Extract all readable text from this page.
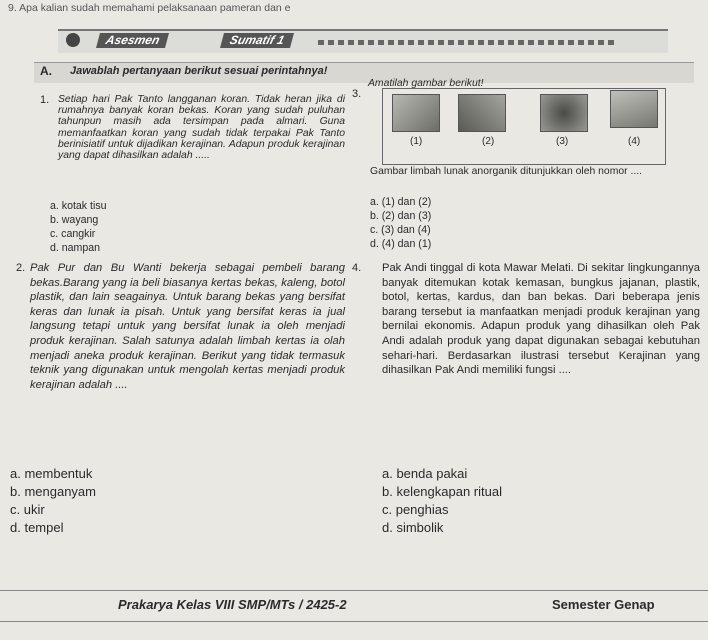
9. Apa kalian sudah memahami pelaksanaan pameran dan e
Asesmen	Sumatif 1
A. Jawablah pertanyaan berikut sesuai perintahnya!
1. Setiap hari Pak Tanto langganan koran. Tidak heran jika di rumahnya banyak koran bekas. Koran yang sudah puluhan tahunpun masih ada tersimpan pada almari. Guna memanfaatkan koran yang sudah tidak terpakai Pak Tanto berinisiatif untuk dijadikan kerajinan. Adapun produk kerajinan yang dapat dihasilkan adalah .....
a. kotak tisu
b. wayang
c. cangkir
d. nampan
3.
Amatilah gambar berikut!
(1)	(2)	(3)	(4)
Gambar limbah lunak anorganik ditunjukkan oleh nomor ....
a. (1) dan (2)
b. (2) dan (3)
c. (3) dan (4)
d. (4) dan (1)
2. Pak Pur dan Bu Wanti bekerja sebagai pembeli barang bekas.Barang yang ia beli biasanya kertas bekas, kaleng, botol plastik, dan lain seagainya. Untuk barang bekas yang bersifat keras dan lunak ia pisah. Untuk yang bersifat keras ia jual langsung tetapi untuk yang bersifat lunak ia oleh menjadi produk kerajinan. Salah satunya adalah limbah kertas ia olah menjadi aneka produk kerajinan. Berikut yang tidak termasuk teknik yang digunakan untuk mengolah kertas menjadi produk kerajinan adalah ....
a. membentuk
b. menganyam
c. ukir
d. tempel
4. Pak Andi tinggal di kota Mawar Melati. Di sekitar lingkungannya banyak ditemukan kotak kemasan, bungkus jajanan, plastik, botol, kertas, kardus, dan ban bekas. Dari beberapa jenis barang tersebut ia manfaatkan menjadi produk kerajinan yang bernilai ekonomis. Adapun produk yang dihasilkan oleh Pak Andi adalah produk yang dapat digunakan sebagai kebutuhan sehari-hari. Berdasarkan ilustrasi tersebut Kerajinan yang dihasilkan Pak Andi memiliki fungsi ....
a. benda pakai
b. kelengkapan ritual
c. penghias
d. simbolik
Prakarya Kelas VIII SMP/MTs / 2425-2	Semester Genap
